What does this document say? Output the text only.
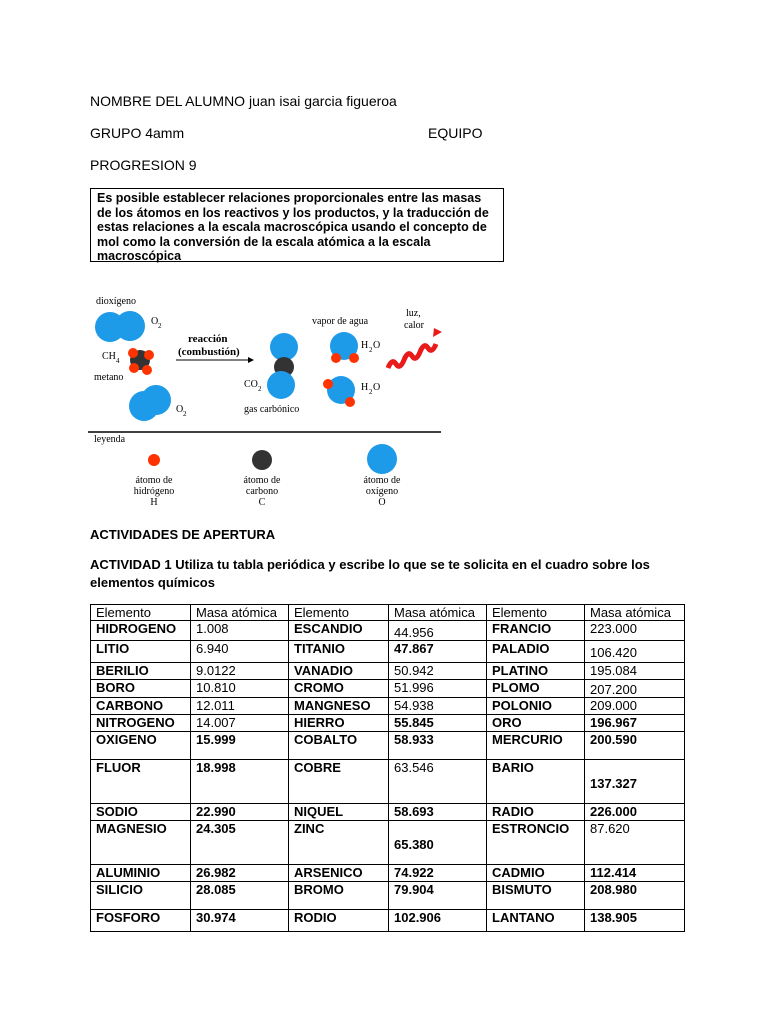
NOMBRE DEL ALUMNO juan isai garcia figueroa
GRUPO 4amm	EQUIPO
PROGRESION 9
Es posible establecer relaciones proporcionales entre las masas de los átomos en los reactivos y los productos, y la traducción de estas relaciones a la escala macroscópica usando el concepto de mol como la conversión de la escala atómica a la escala macroscópica
dioxígeno
O 2
CH 4
metano
O 2
reacción
(combustión)
CO 2
gas carbónico
vapor de agua
H 2 O
H 2 O
luz,
calor
leyenda
átomo de
hidrógeno
H
átomo de
carbono
C
átomo de
oxígeno
O
ACTIVIDADES DE APERTURA
ACTIVIDAD 1 Utiliza tu tabla periódica y escribe lo que se te solicita en el cuadro sobre los
elementos químicos
Elemento	Masa atómica	Elemento	Masa atómica	Elemento	Masa atómica
HIDROGENO	1.008	ESCANDIO	44.956	FRANCIO	223.000
LITIO	6.940	TITANIO	47.867	PALADIO	106.420
BERILIO	9.0122	VANADIO	50.942	PLATINO	195.084
BORO	10.810	CROMO	51.996	PLOMO	207.200
CARBONO	12.011	MANGNESO	54.938	POLONIO	209.000
NITROGENO	14.007	HIERRO	55.845	ORO	196.967
OXIGENO	15.999	COBALTO	58.933	MERCURIO	200.590
FLUOR	18.998	COBRE	63.546	BARIO	137.327
SODIO	22.990	NIQUEL	58.693	RADIO	226.000
MAGNESIO	24.305	ZINC	65.380	ESTRONCIO	87.620
ALUMINIO	26.982	ARSENICO	74.922	CADMIO	112.414
SILICIO	28.085	BROMO	79.904	BISMUTO	208.980
FOSFORO	30.974	RODIO	102.906	LANTANO	138.905
